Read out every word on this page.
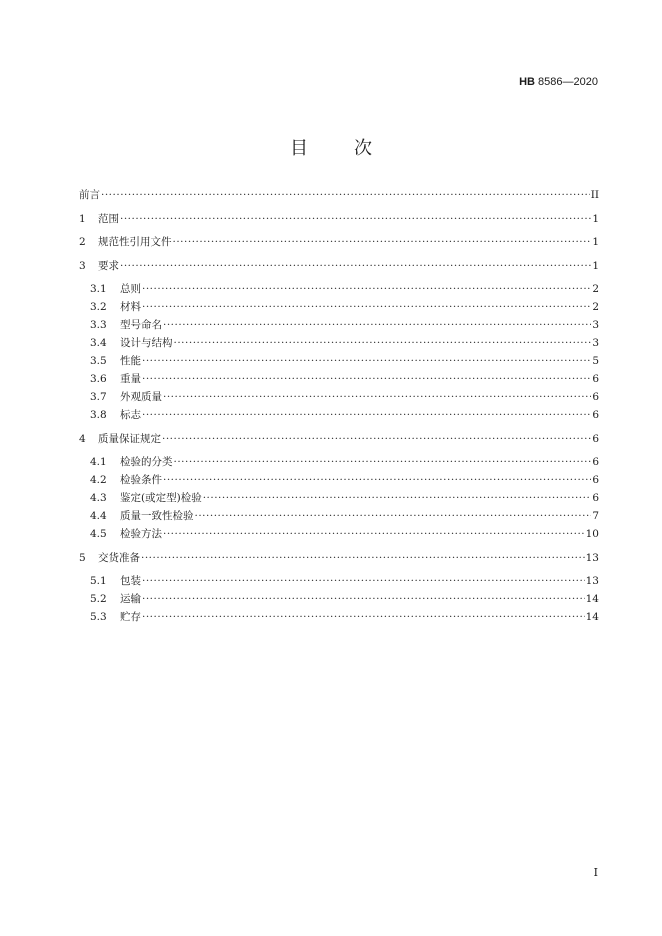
HB 8586—2020
目次
前言 ·····	II
1	范围 ·····	1
2	规范性引用文件 ·····	1
3	要求 ·····	1
3.1	总则 ·····	2
3.2	材料 ·····	2
3.3	型号命名 ·····	3
3.4	设计与结构 ·····	3
3.5	性能 ·····	5
3.6	重量 ·····	6
3.7	外观质量 ·····	6
3.8	标志 ·····	6
4	质量保证规定 ·····	6
4.1	检验的分类 ·····	6
4.2	检验条件 ·····	6
4.3	鉴定(或定型)检验 ·····	6
4.4	质量一致性检验 ·····	7
4.5	检验方法 ·····	10
5	交货准备 ·····	13
5.1	包装 ·····	13
5.2	运输 ·····	14
5.3	贮存 ·····	14
I
